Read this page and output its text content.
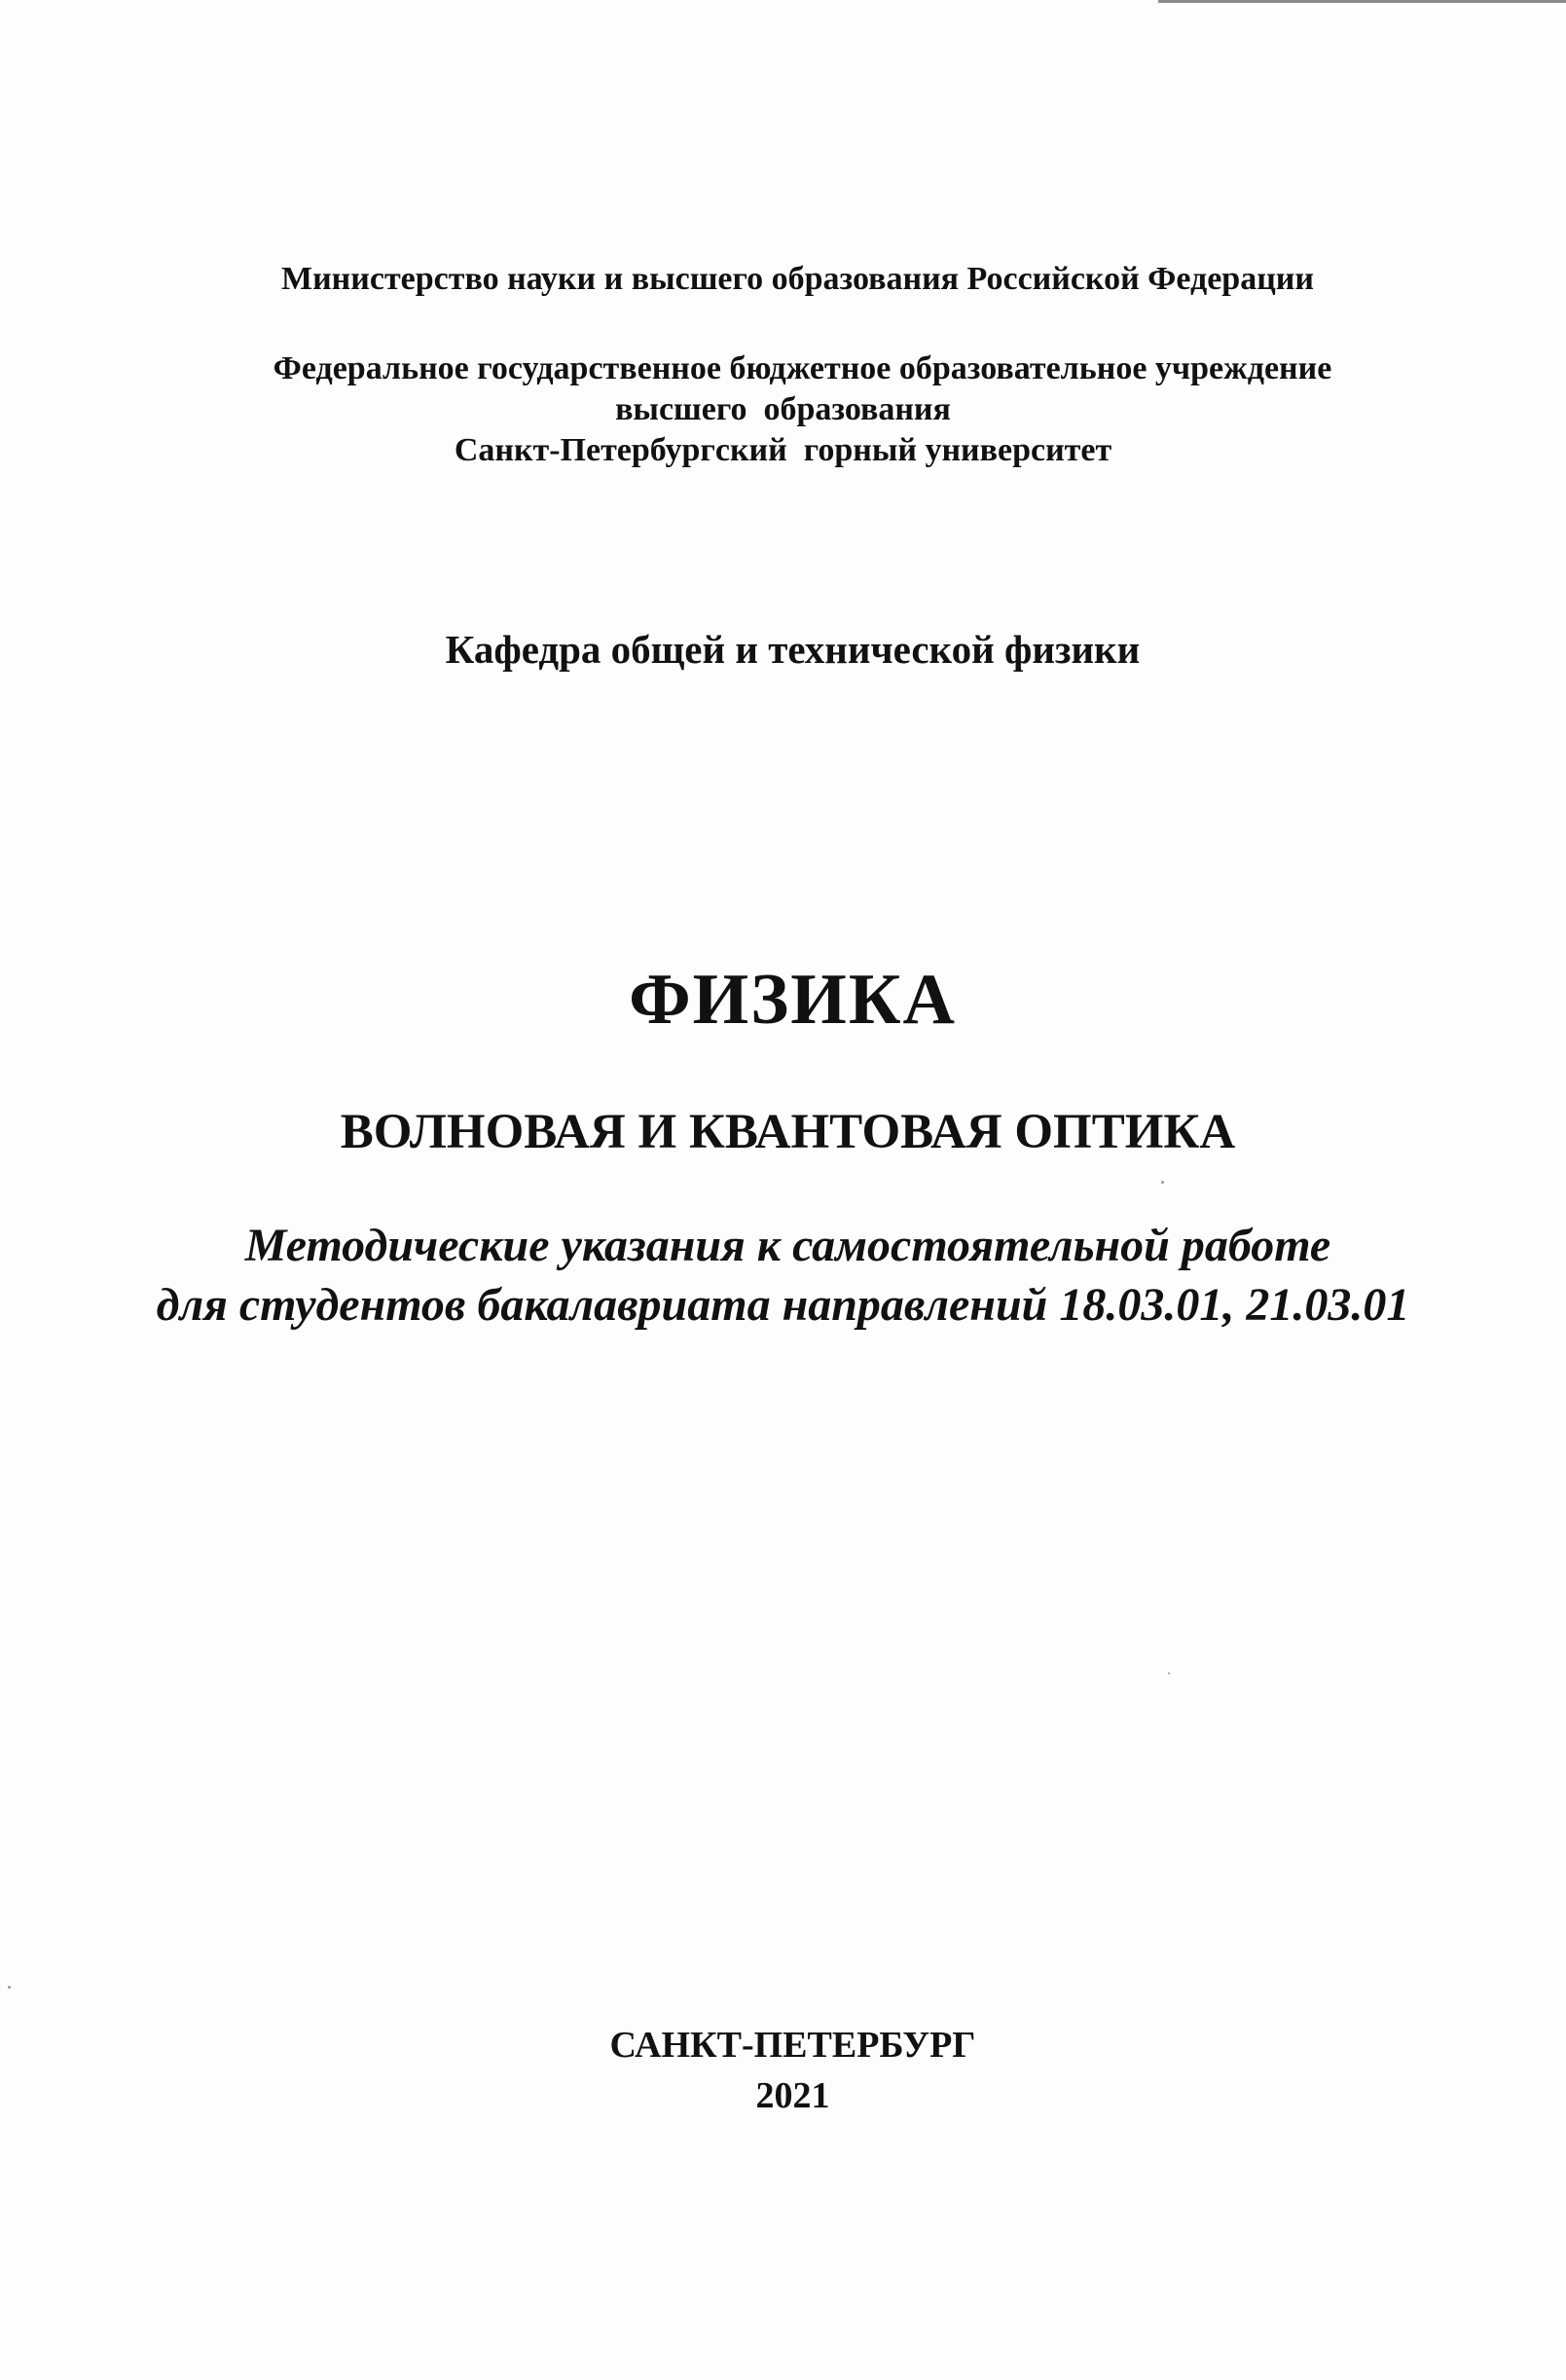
Министерство науки и высшего образования Российской Федерации
Федеральное государственное бюджетное образовательное учреждение
высшего  образования
Санкт-Петербургский  горный университет
Кафедра общей и технической физики
ФИЗИКА
ВОЛНОВАЯ И КВАНТОВАЯ ОПТИКА
Методические указания к самостоятельной работе
для студентов бакалавриата направлений 18.03.01, 21.03.01
САНКТ-ПЕТЕРБУРГ
2021
